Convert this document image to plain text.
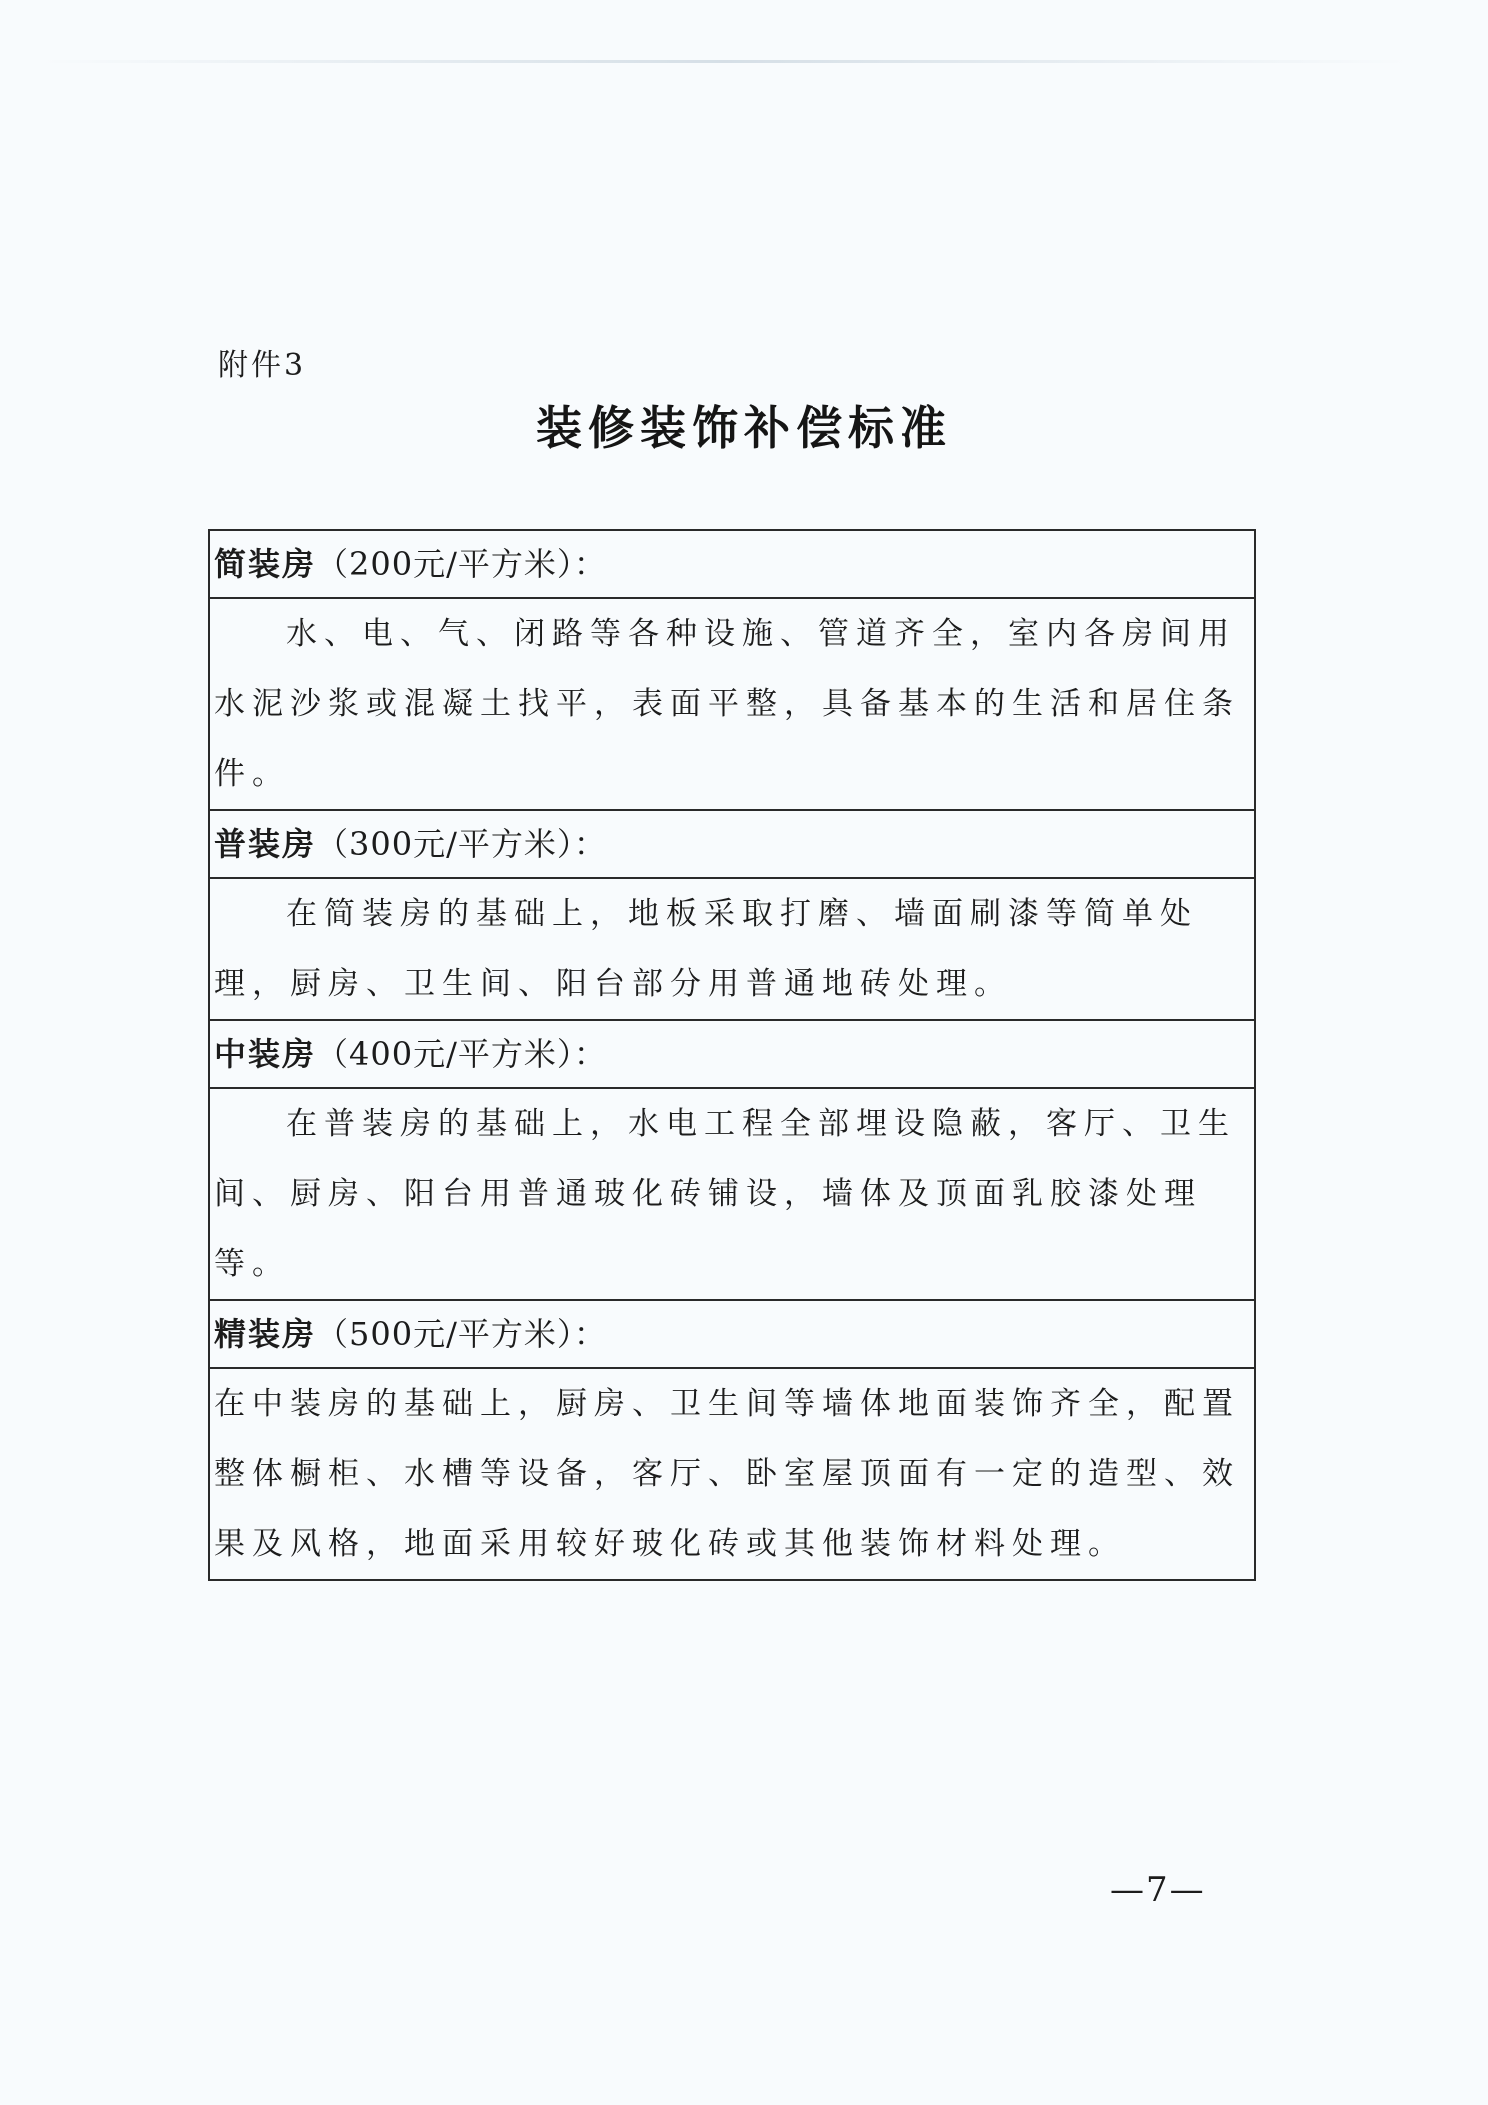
附件3
装修装饰补偿标准
简装房（200元/平方米）：
水、电、气、闭路等各种设施、管道齐全，室内各房间用水泥沙浆或混凝土找平，表面平整，具备基本的生活和居住条件。
普装房（300元/平方米）：
在简装房的基础上，地板采取打磨、墙面刷漆等简单处理，厨房、卫生间、阳台部分用普通地砖处理。
中装房（400元/平方米）：
在普装房的基础上，水电工程全部埋设隐蔽，客厅、卫生间、厨房、阳台用普通玻化砖铺设，墙体及顶面乳胶漆处理等。
精装房（500元/平方米）：
在中装房的基础上，厨房、卫生间等墙体地面装饰齐全，配置整体橱柜、水槽等设备，客厅、卧室屋顶面有一定的造型、效果及风格，地面采用较好玻化砖或其他装饰材料处理。
—7—
